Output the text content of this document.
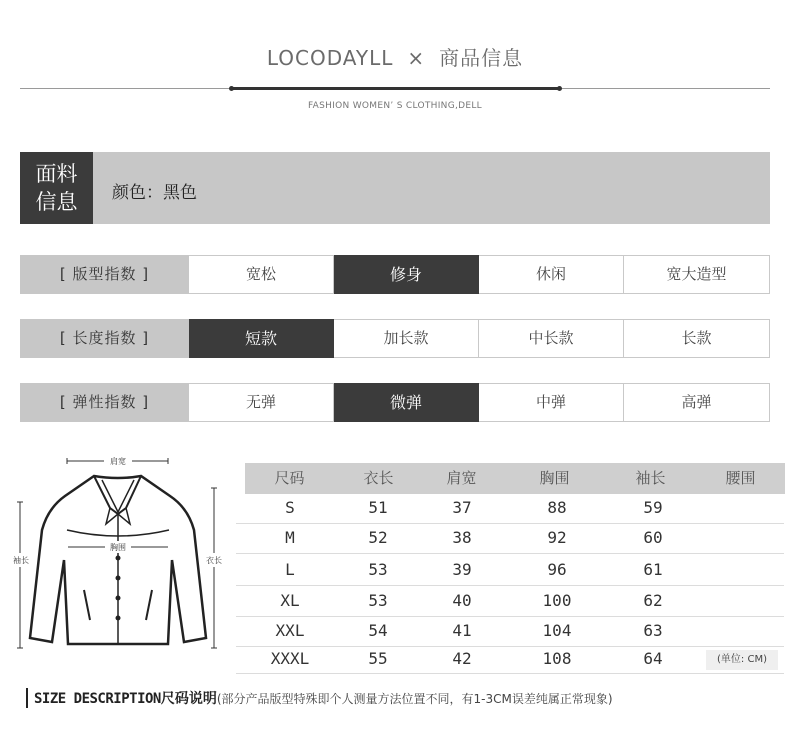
LOCODAYLL × 商品信息
FASHION WOMEN’ S CLOTHING,DELL
面料
信息 颜色：黑色
[ 版型指数 ]	宽松	修身	休闲	宽大造型
[ 长度指数 ]	短款	加长款	中长款	长款
[ 弹性指数 ]	无弹	微弹	中弹	高弹
肩宽
袖长	衣长
胸围
尺码	衣长	肩宽	胸围	袖长	腰围
S	51	37	88	59
M	52	38	92	60
L	53	39	96	61
XL	53	40	100	62
XXL	54	41	104	63
XXXL	55	42	108	64	(单位: CM)
SIZE DESCRIPTION尺码说明(部分产品版型特殊即个人测量方法位置不同，有1-3CM误差纯属正常现象)
